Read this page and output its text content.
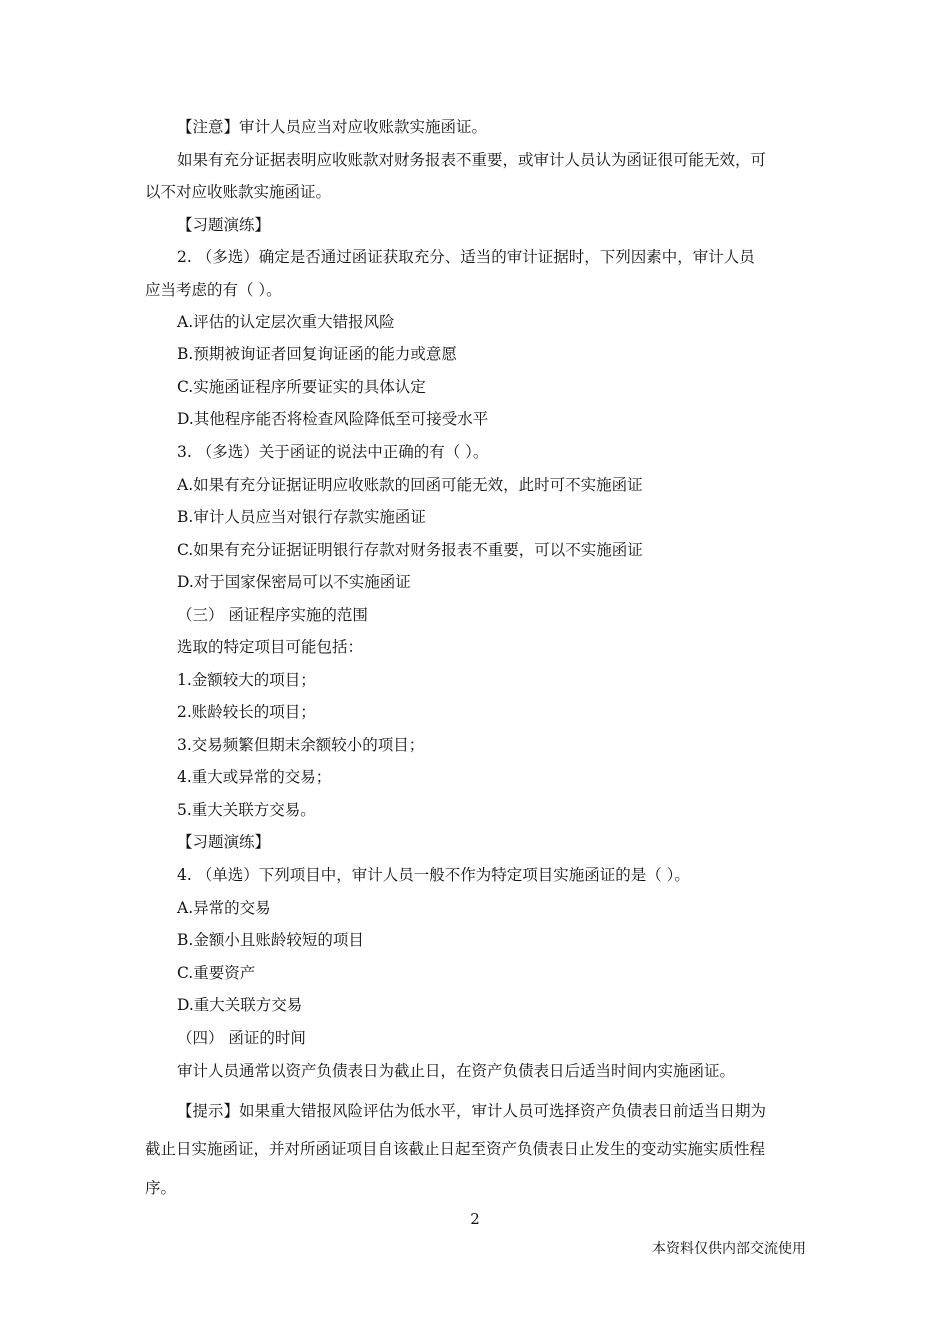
【注意】审计人员应当对应收账款实施函证。
如果有充分证据表明应收账款对财务报表不重要，或审计人员认为函证很可能无效，可
以不对应收账款实施函证。
【习题演练】
2. （多选）确定是否通过函证获取充分、适当的审计证据时，下列因素中，审计人员
应当考虑的有（ ）。
A.评估的认定层次重大错报风险
B.预期被询证者回复询证函的能力或意愿
C.实施函证程序所要证实的具体认定
D.其他程序能否将检查风险降低至可接受水平
3. （多选）关于函证的说法中正确的有（ ）。
A.如果有充分证据证明应收账款的回函可能无效，此时可不实施函证
B.审计人员应当对银行存款实施函证
C.如果有充分证据证明银行存款对财务报表不重要，可以不实施函证
D.对于国家保密局可以不实施函证
（三） 函证程序实施的范围
选取的特定项目可能包括：
1.金额较大的项目；
2.账龄较长的项目；
3.交易频繁但期末余额较小的项目；
4.重大或异常的交易；
5.重大关联方交易。
【习题演练】
4. （单选）下列项目中，审计人员一般不作为特定项目实施函证的是（ ）。
A.异常的交易
B.金额小且账龄较短的项目
C.重要资产
D.重大关联方交易
（四） 函证的时间
审计人员通常以资产负债表日为截止日，在资产负债表日后适当时间内实施函证。
【提示】如果重大错报风险评估为低水平，审计人员可选择资产负债表日前适当日期为
截止日实施函证，并对所函证项目自该截止日起至资产负债表日止发生的变动实施实质性程
序。
2
本资料仅供内部交流使用
